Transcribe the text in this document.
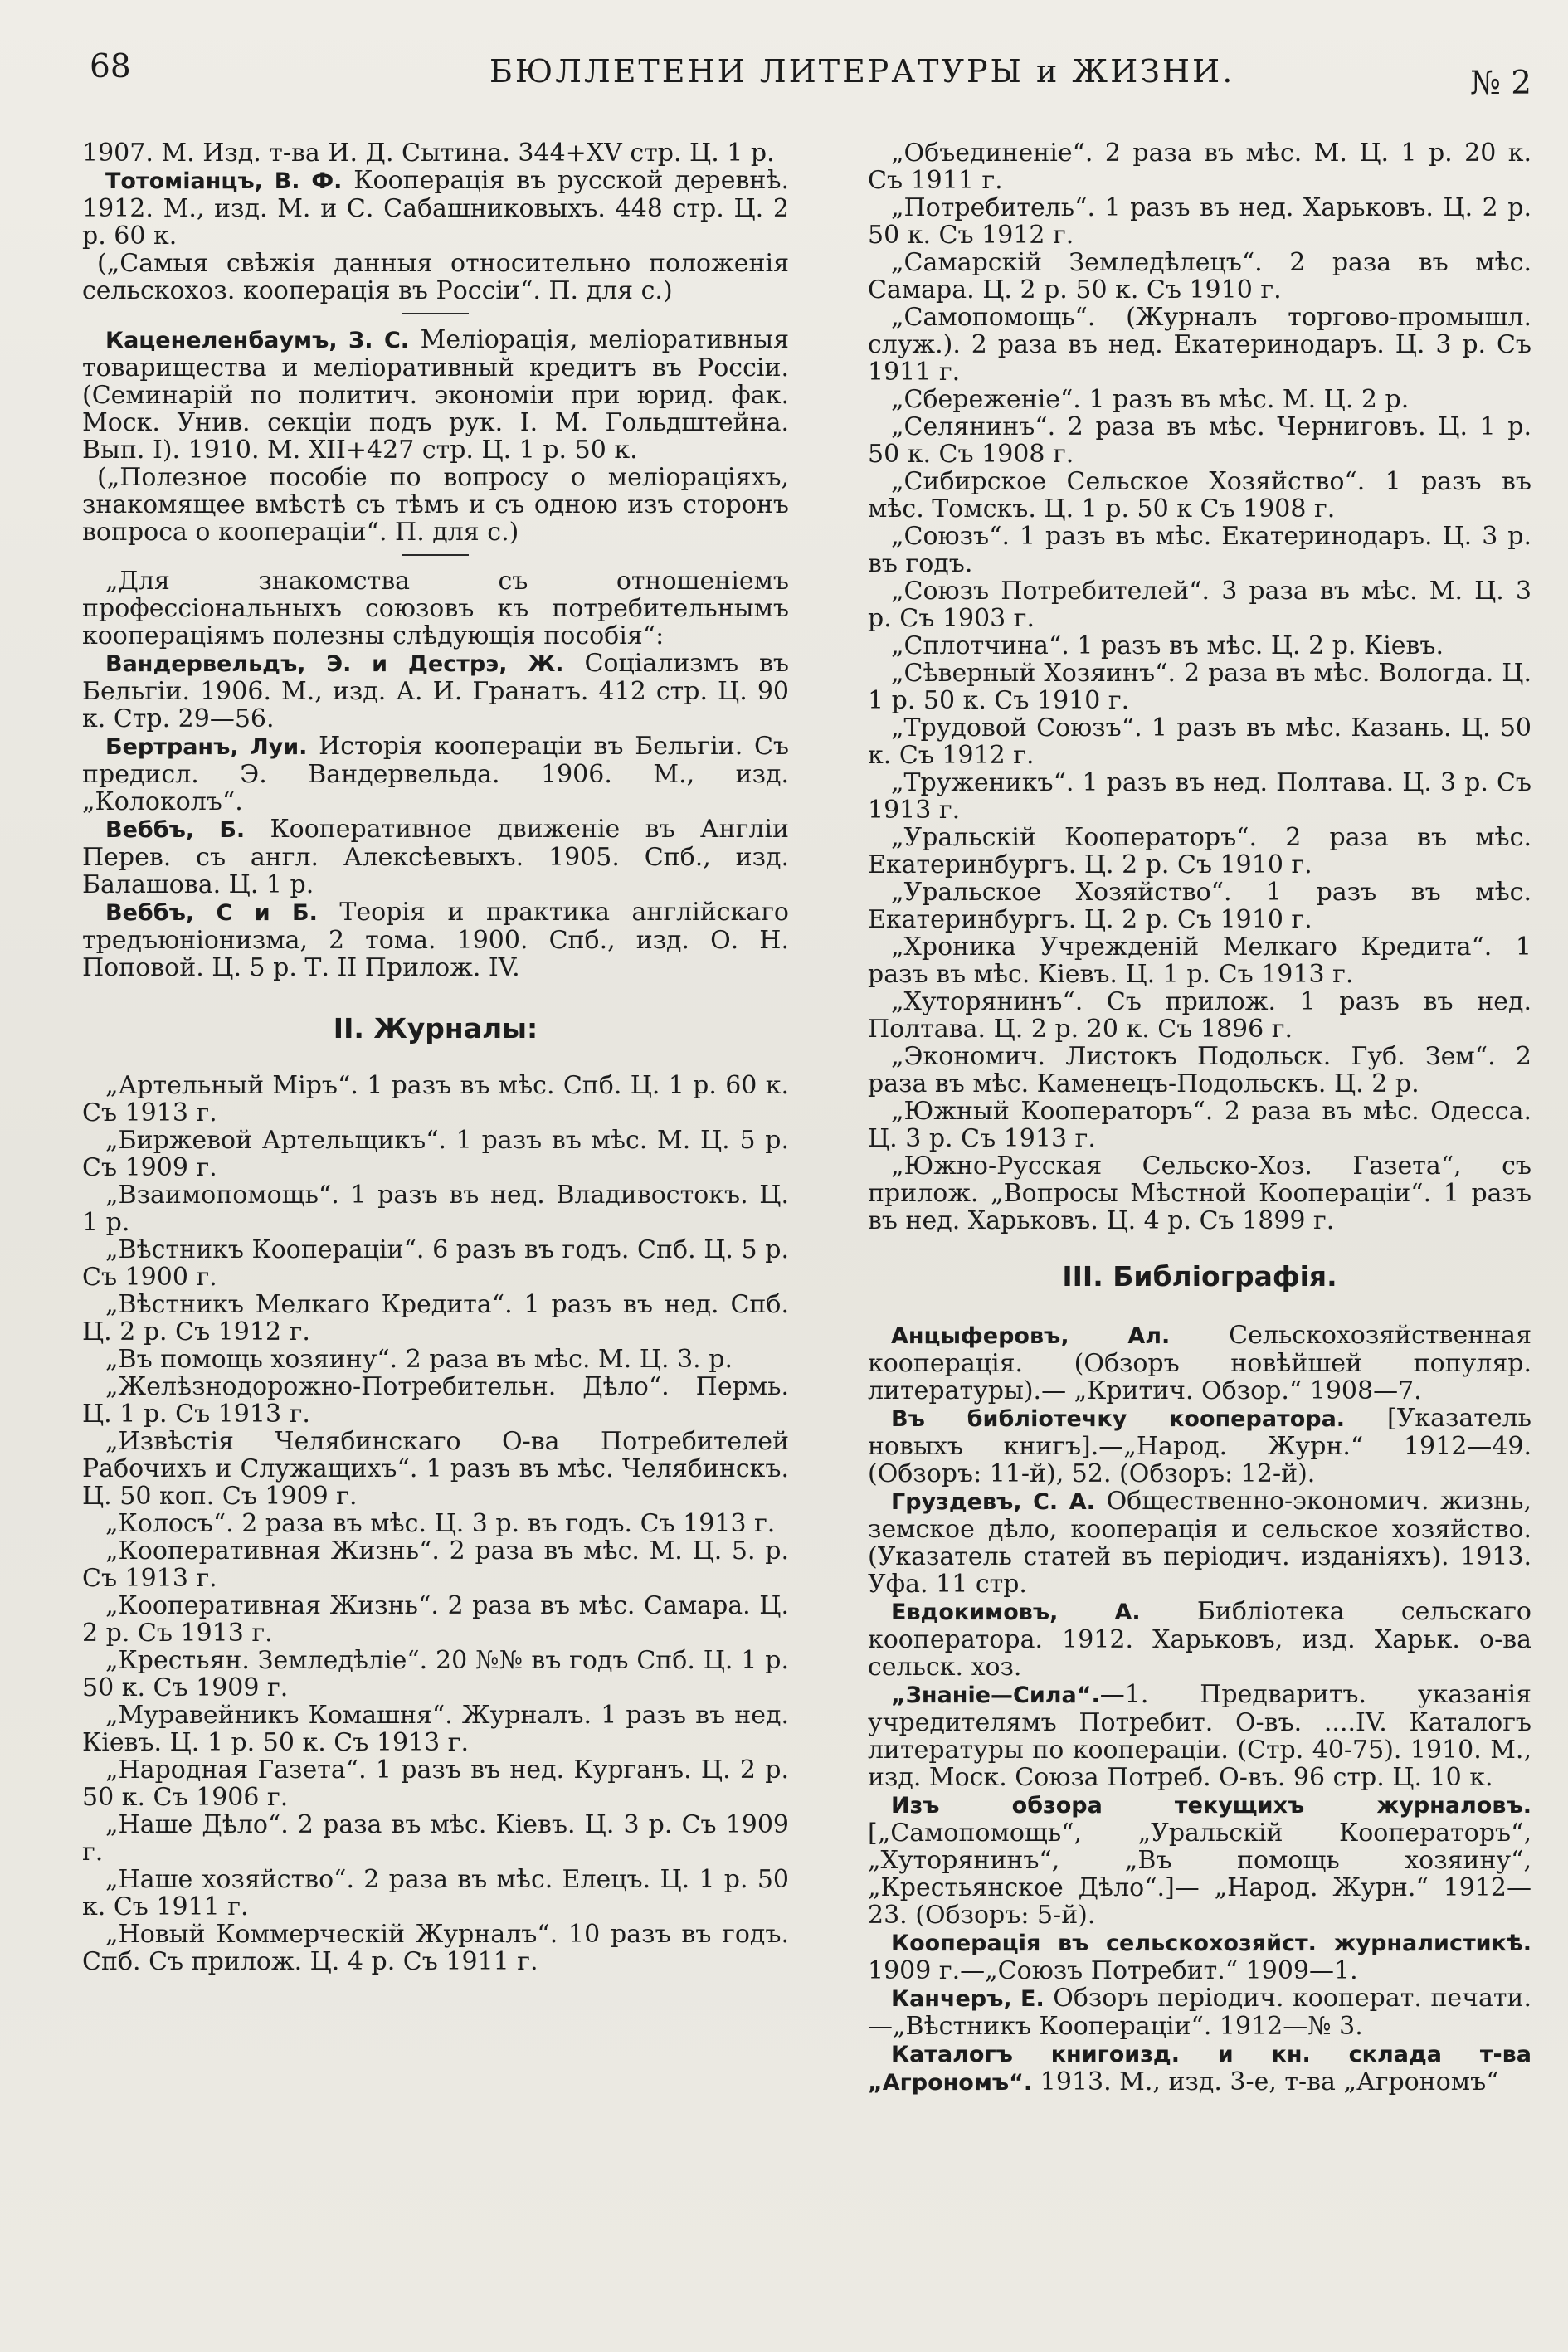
68	БЮЛЛЕТЕНИ ЛИТЕРАТУРЫ и ЖИЗНИ.	№ 2

1907. М. Изд. т-ва И. Д. Сытина. 344+ХV стр. Ц. 1 р.

Тотоміанцъ, В. Ф. Кооперація въ русской деревнѣ. 1912. М., изд. М. и С. Сабашниковыхъ. 448 стр. Ц. 2 р. 60 к.

(„Самыя свѣжія данныя относительно положенія сельскохоз. кооперація въ Россіи“. П. для с.)

Каценеленбаумъ, З. С. Меліорація, меліоративныя товарищества и меліоративный кредитъ въ Россіи. (Семинарій по политич. экономіи при юрид. фак. Моск. Унив. секціи подъ рук. І. М. Гольдштейна. Вып. I). 1910. М. XII+427 стр. Ц. 1 р. 50 к.

(„Полезное пособіе по вопросу о меліораціяхъ, знакомящее вмѣстѣ съ тѣмъ и съ одною изъ сторонъ вопроса о коопераціи“. П. для с.)

„Для знакомства съ отношеніемъ профессіональныхъ союзовъ къ потребительнымъ коопераціямъ полезны слѣдующія пособія“:

Вандервельдъ, Э. и Дестрэ, Ж. Соціализмъ въ Бельгіи. 1906. М., изд. А. И. Гранатъ. 412 стр. Ц. 90 к. Стр. 29—56.

Бертранъ, Луи. Исторія коопераціи въ Бельгіи. Съ предисл. Э. Вандервельда. 1906. М., изд. „Колоколъ“.

Веббъ, Б. Кооперативное движеніе въ Англіи Перев. съ англ. Алексѣевыхъ. 1905. Спб., изд. Балашова. Ц. 1 р.

Веббъ, С и Б. Теорія и практика англійскаго тредъюніонизма, 2 тома. 1900. Спб., изд. О. Н. Поповой. Ц. 5 р. Т. II Прилож. IV.

II. Журналы:

„Артельный Міръ“. 1 разъ въ мѣс. Спб. Ц. 1 р. 60 к. Съ 1913 г.

„Биржевой Артельщикъ“. 1 разъ въ мѣс. М. Ц. 5 р. Съ 1909 г.

„Взаимопомощь“. 1 разъ въ нед. Владивостокъ. Ц. 1 р.

„Вѣстникъ Коопераціи“. 6 разъ въ годъ. Спб. Ц. 5 р. Съ 1900 г.

„Вѣстникъ Мелкаго Кредита“. 1 разъ въ нед. Спб. Ц. 2 р. Съ 1912 г.

„Въ помощь хозяину“. 2 раза въ мѣс. М. Ц. 3. р.

„Желѣзнодорожно-Потребительн. Дѣло“. Пермь. Ц. 1 р. Съ 1913 г.

„Извѣстія Челябинскаго О-ва Потребителей Рабочихъ и Служащихъ“. 1 разъ въ мѣс. Челябинскъ. Ц. 50 коп. Съ 1909 г.

„Колосъ“. 2 раза въ мѣс. Ц. 3 р. въ годъ. Съ 1913 г.

„Кооперативная Жизнь“. 2 раза въ мѣс. М. Ц. 5. р. Съ 1913 г.

„Кооперативная Жизнь“. 2 раза въ мѣс. Самара. Ц. 2 р. Съ 1913 г.

„Крестьян. Земледѣліе“. 20 №№ въ годъ Спб. Ц. 1 р. 50 к. Съ 1909 г.

„Муравейникъ Комашня“. Журналъ. 1 разъ въ нед. Кіевъ. Ц. 1 р. 50 к. Съ 1913 г.

„Народная Газета“. 1 разъ въ нед. Курганъ. Ц. 2 р. 50 к. Съ 1906 г.

„Наше Дѣло“. 2 раза въ мѣс. Кіевъ. Ц. 3 р. Съ 1909 г.

„Наше хозяйство“. 2 раза въ мѣс. Елецъ. Ц. 1 р. 50 к. Съ 1911 г.

„Новый Коммерческій Журналъ“. 10 разъ въ годъ. Спб. Съ прилож. Ц. 4 р. Съ 1911 г.

„Объединеніе“. 2 раза въ мѣс. М. Ц. 1 р. 20 к. Съ 1911 г.

„Потребитель“. 1 разъ въ нед. Харьковъ. Ц. 2 р. 50 к. Съ 1912 г.

„Самарскій Земледѣлецъ“. 2 раза въ мѣс. Самара. Ц. 2 р. 50 к. Съ 1910 г.

„Самопомощь“. (Журналъ торгово-промышл. служ.). 2 раза въ нед. Екатеринодаръ. Ц. 3 р. Съ 1911 г.

„Сбереженіе“. 1 разъ въ мѣс. М. Ц. 2 р.

„Селянинъ“. 2 раза въ мѣс. Черниговъ. Ц. 1 р. 50 к. Съ 1908 г.

„Сибирское Сельское Хозяйство“. 1 разъ въ мѣс. Томскъ. Ц. 1 р. 50 к Съ 1908 г.

„Союзъ“. 1 разъ въ мѣс. Екатеринодаръ. Ц. 3 р. въ годъ.

„Союзъ Потребителей“. 3 раза въ мѣс. М. Ц. 3 р. Съ 1903 г.

„Сплотчина“. 1 разъ въ мѣс. Ц. 2 р. Кіевъ.

„Сѣверный Хозяинъ“. 2 раза въ мѣс. Вологда. Ц. 1 р. 50 к. Съ 1910 г.

„Трудовой Союзъ“. 1 разъ въ мѣс. Казань. Ц. 50 к. Съ 1912 г.

„Труженикъ“. 1 разъ въ нед. Полтава. Ц. 3 р. Съ 1913 г.

„Уральскій Кооператоръ“. 2 раза въ мѣс. Екатеринбургъ. Ц. 2 р. Съ 1910 г.

„Уральское Хозяйство“. 1 разъ въ мѣс. Екатеринбургъ. Ц. 2 р. Съ 1910 г.

„Хроника Учрежденій Мелкаго Кредита“. 1 разъ въ мѣс. Кіевъ. Ц. 1 р. Съ 1913 г.

„Хуторянинъ“. Съ прилож. 1 разъ въ нед. Полтава. Ц. 2 р. 20 к. Съ 1896 г.

„Экономич. Листокъ Подольск. Губ. Зем“. 2 раза въ мѣс. Каменецъ-Подольскъ. Ц. 2 р.

„Южный Кооператоръ“. 2 раза въ мѣс. Одесса. Ц. 3 р. Съ 1913 г.

„Южно-Русская Сельско-Хоз. Газета“, съ прилож. „Вопросы Мѣстной Коопераціи“. 1 разъ въ нед. Харьковъ. Ц. 4 р. Съ 1899 г.

III. Библіографія.

Анцыферовъ, Ал. Сельскохозяйственная кооперація. (Обзоръ новѣйшей популяр. литературы).— „Критич. Обзор.“ 1908—7.

Въ библіотечку кооператора. [Указатель новыхъ книгъ].—„Народ. Журн.“ 1912—49. (Обзоръ: 11-й), 52. (Обзоръ: 12-й).

Груздевъ, С. А. Общественно-экономич. жизнь, земское дѣло, кооперація и сельское хозяйство. (Указатель статей въ періодич. изданіяхъ). 1913. Уфа. 11 стр.

Евдокимовъ, А. Библіотека сельскаго кооператора. 1912. Харьковъ, изд. Харьк. о-ва сельск. хоз.

„Знаніе—Сила“.—1. Предваритъ. указанія учредителямъ Потребит. О-въ. ....IV. Каталогъ литературы по коопераціи. (Стр. 40-75). 1910. М., изд. Моск. Союза Потреб. О-въ. 96 стр. Ц. 10 к.

Изъ обзора текущихъ журналовъ. [„Самопомощь“, „Уральскій Кооператоръ“, „Хуторянинъ“, „Въ помощь хозяину“, „Крестьянскoе Дѣло“.]— „Народ. Журн.“ 1912—23. (Обзоръ: 5-й).

Кооперація въ сельскохозяйст. журналистикѣ. 1909 г.—„Союзъ Потребит.“ 1909—1.

Канчеръ, Е. Обзоръ періодич. кооперат. печати.—„Вѣстникъ Коопераціи“. 1912—№ 3.

Каталогъ книгоизд. и кн. склада т-ва „Агрономъ“. 1913. М., изд. 3-е, т-ва „Агрономъ“
